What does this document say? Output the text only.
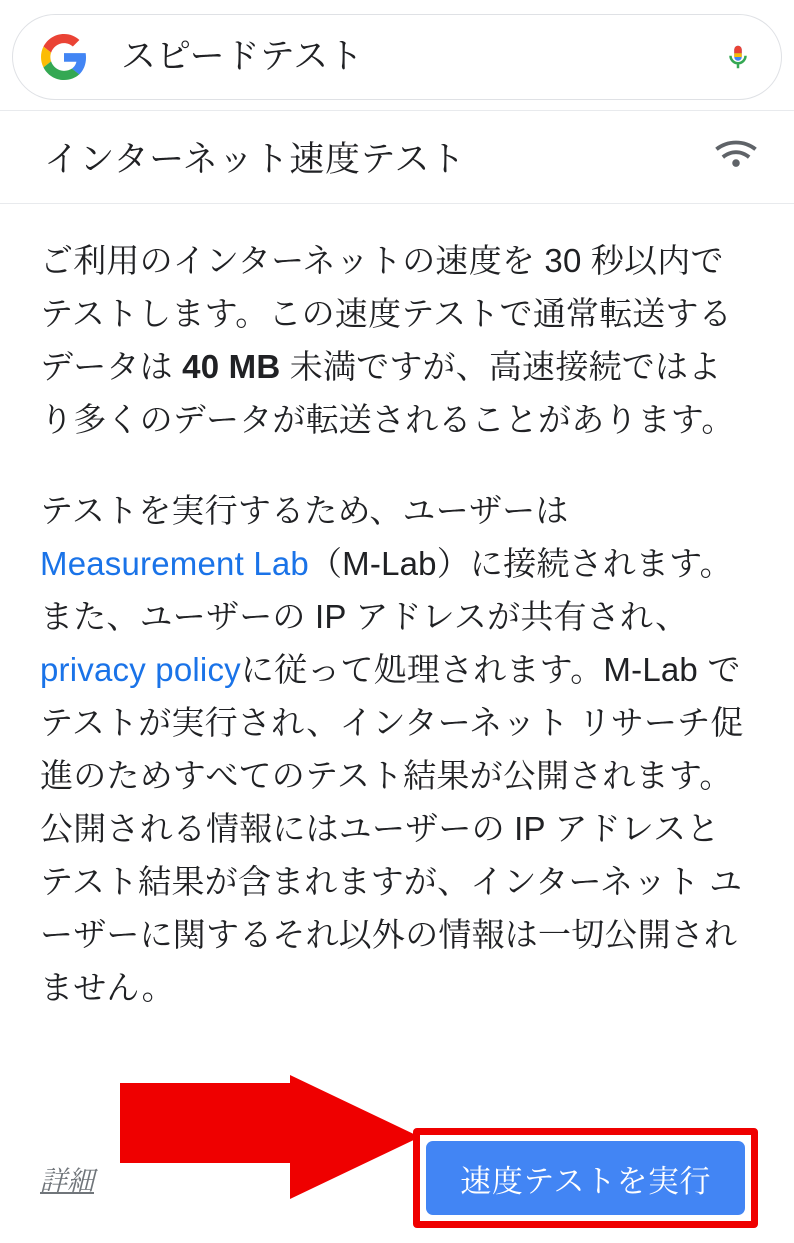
スピードテスト
インターネット速度テスト

ご利用のインターネットの速度を 30 秒以内でテストします。この速度テストで通常転送するデータは 40 MB 未満ですが、高速接続ではより多くのデータが転送されることがあります。

テストを実行するため、ユーザーは Measurement Lab（M-Lab）に接続されます。また、ユーザーの IP アドレスが共有され、privacy policyに従って処理されます。M-Lab でテストが実行され、インターネット リサーチ促進のためすべてのテスト結果が公開されます。公開される情報にはユーザーの IP アドレスとテスト結果が含まれますが、インターネット ユーザーに関するそれ以外の情報は一切公開されません。

詳細	速度テストを実行
